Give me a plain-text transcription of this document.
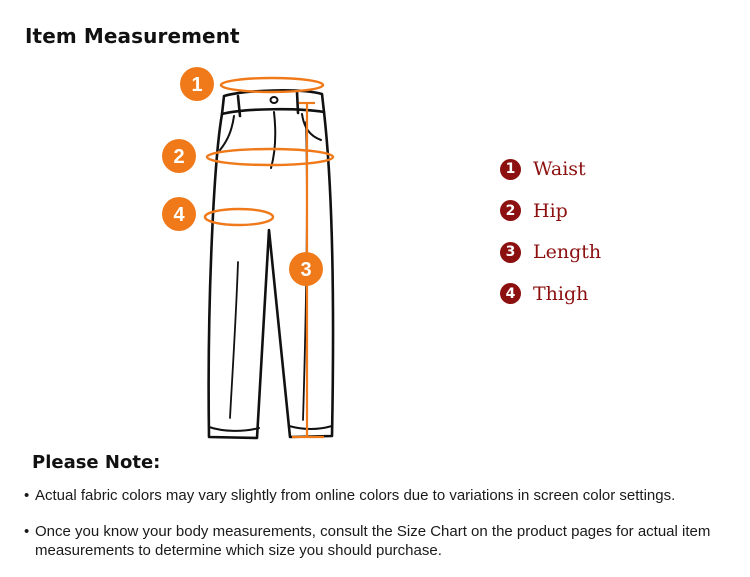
Item Measurement
1
2
3
4
1 Waist
2 Hip
3 Length
4 Thigh
Please Note:
• Actual fabric colors may vary slightly from online colors due to variations in screen color settings.
• Once you know your body measurements, consult the Size Chart on the product pages for actual item measurements to determine which size you should purchase.
